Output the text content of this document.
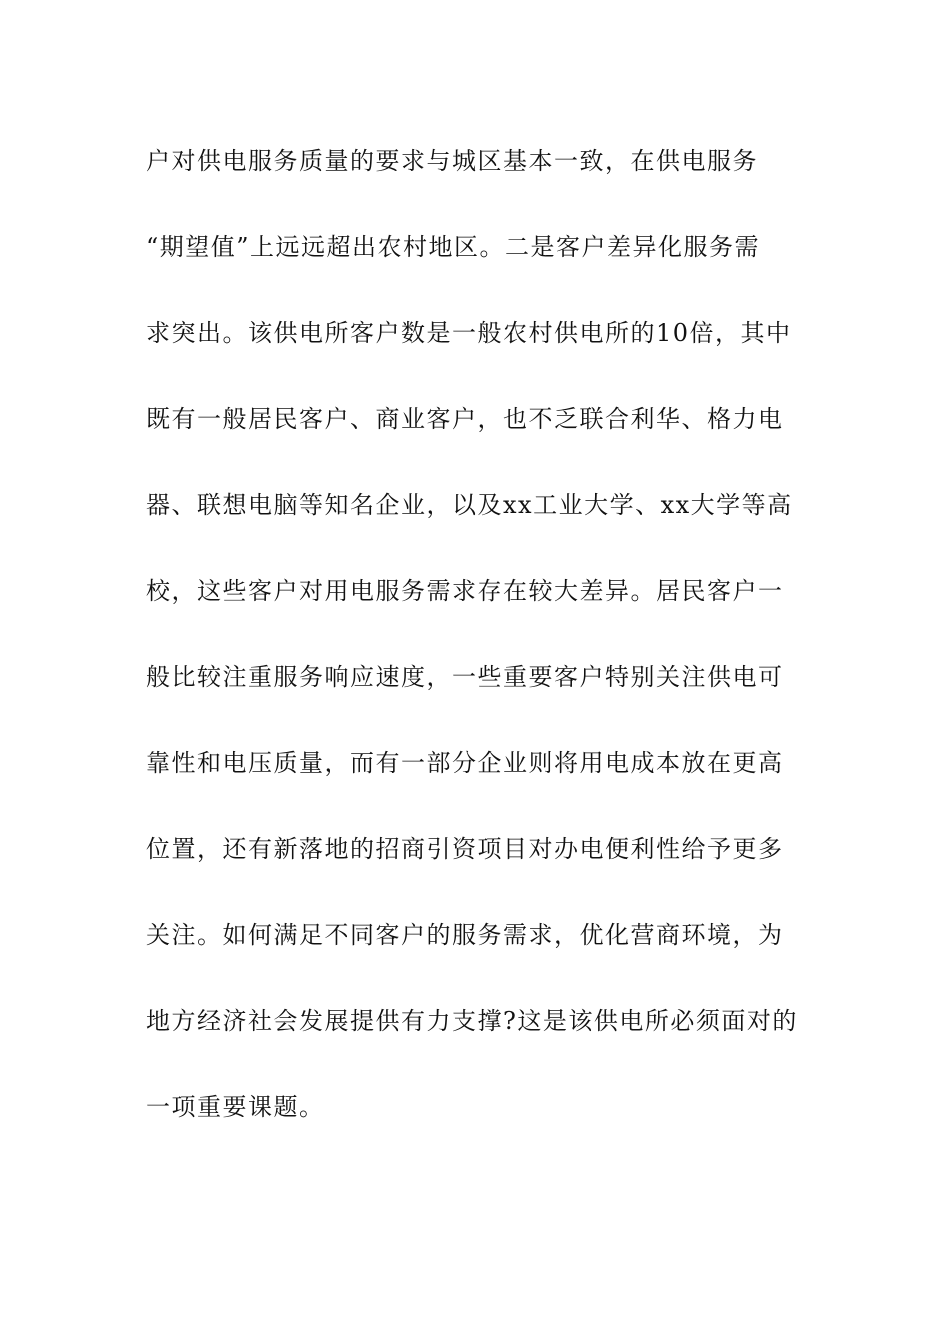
户对供电服务质量的要求与城区基本一致，在供电服务
“期望值”上远远超出农村地区。二是客户差异化服务需
求突出。该供电所客户数是一般农村供电所的10倍，其中
既有一般居民客户、商业客户，也不乏联合利华、格力电
器、联想电脑等知名企业，以及xx工业大学、xx大学等高
校，这些客户对用电服务需求存在较大差异。居民客户一
般比较注重服务响应速度，一些重要客户特别关注供电可
靠性和电压质量，而有一部分企业则将用电成本放在更高
位置，还有新落地的招商引资项目对办电便利性给予更多
关注。如何满足不同客户的服务需求，优化营商环境，为
地方经济社会发展提供有力支撑?这是该供电所必须面对的
一项重要课题。
